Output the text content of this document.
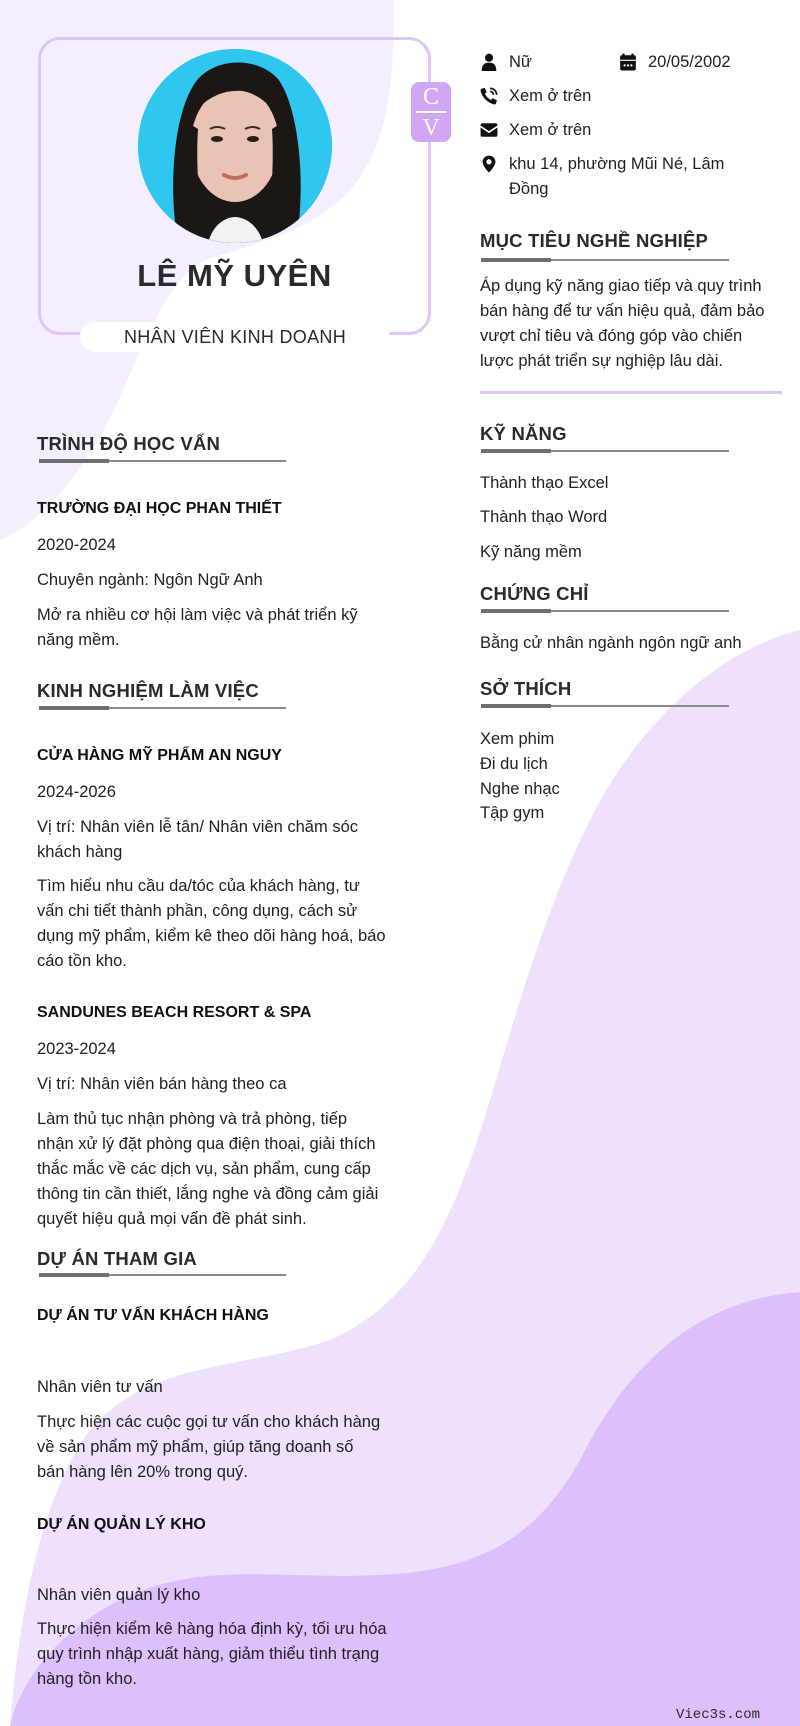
LÊ MỸ UYÊN
NHÂN VIÊN KINH DOANH
C
V
Nữ	20/05/2002
Xem ở trên
Xem ở trên
khu 14, phường Mũi Né, Lâm
Đồng
MỤC TIÊU NGHỀ NGHIỆP
Áp dụng kỹ năng giao tiếp và quy trình
bán hàng để tư vấn hiệu quả, đảm bảo
vượt chỉ tiêu và đóng góp vào chiến
lược phát triển sự nghiệp lâu dài.
KỸ NĂNG
Thành thạo Excel
Thành thạo Word
Kỹ năng mềm
CHỨNG CHỈ
Bằng cử nhân ngành ngôn ngữ anh
SỞ THÍCH
Xem phim
Đi du lịch
Nghe nhạc
Tập gym
TRÌNH ĐỘ HỌC VẤN
TRƯỜNG ĐẠI HỌC PHAN THIẾT
2020-2024
Chuyên ngành: Ngôn Ngữ Anh
Mở ra nhiều cơ hội làm việc và phát triển kỹ
năng mềm.
KINH NGHIỆM LÀM VIỆC
CỬA HÀNG MỸ PHẨM AN NGUY
2024-2026
Vị trí: Nhân viên lễ tân/ Nhân viên chăm sóc
khách hàng
Tìm hiểu nhu cầu da/tóc của khách hàng, tư
vấn chi tiết thành phần, công dụng, cách sử
dụng mỹ phẩm, kiểm kê theo dõi hàng hoá, báo
cáo tồn kho.
SANDUNES BEACH RESORT & SPA
2023-2024
Vị trí: Nhân viên bán hàng theo ca
Làm thủ tục nhận phòng và trả phòng, tiếp
nhận xử lý đặt phòng qua điện thoại, giải thích
thắc mắc về các dịch vụ, sản phẩm, cung cấp
thông tin cần thiết, lắng nghe và đồng cảm giải
quyết hiệu quả mọi vấn đề phát sinh.
DỰ ÁN THAM GIA
DỰ ÁN TƯ VẤN KHÁCH HÀNG
Nhân viên tư vấn
Thực hiện các cuộc gọi tư vấn cho khách hàng
về sản phẩm mỹ phẩm, giúp tăng doanh số
bán hàng lên 20% trong quý.
DỰ ÁN QUẢN LÝ KHO
Nhân viên quản lý kho
Thực hiện kiểm kê hàng hóa định kỳ, tối ưu hóa
quy trình nhập xuất hàng, giảm thiểu tình trạng
hàng tồn kho.
Viec3s.com
